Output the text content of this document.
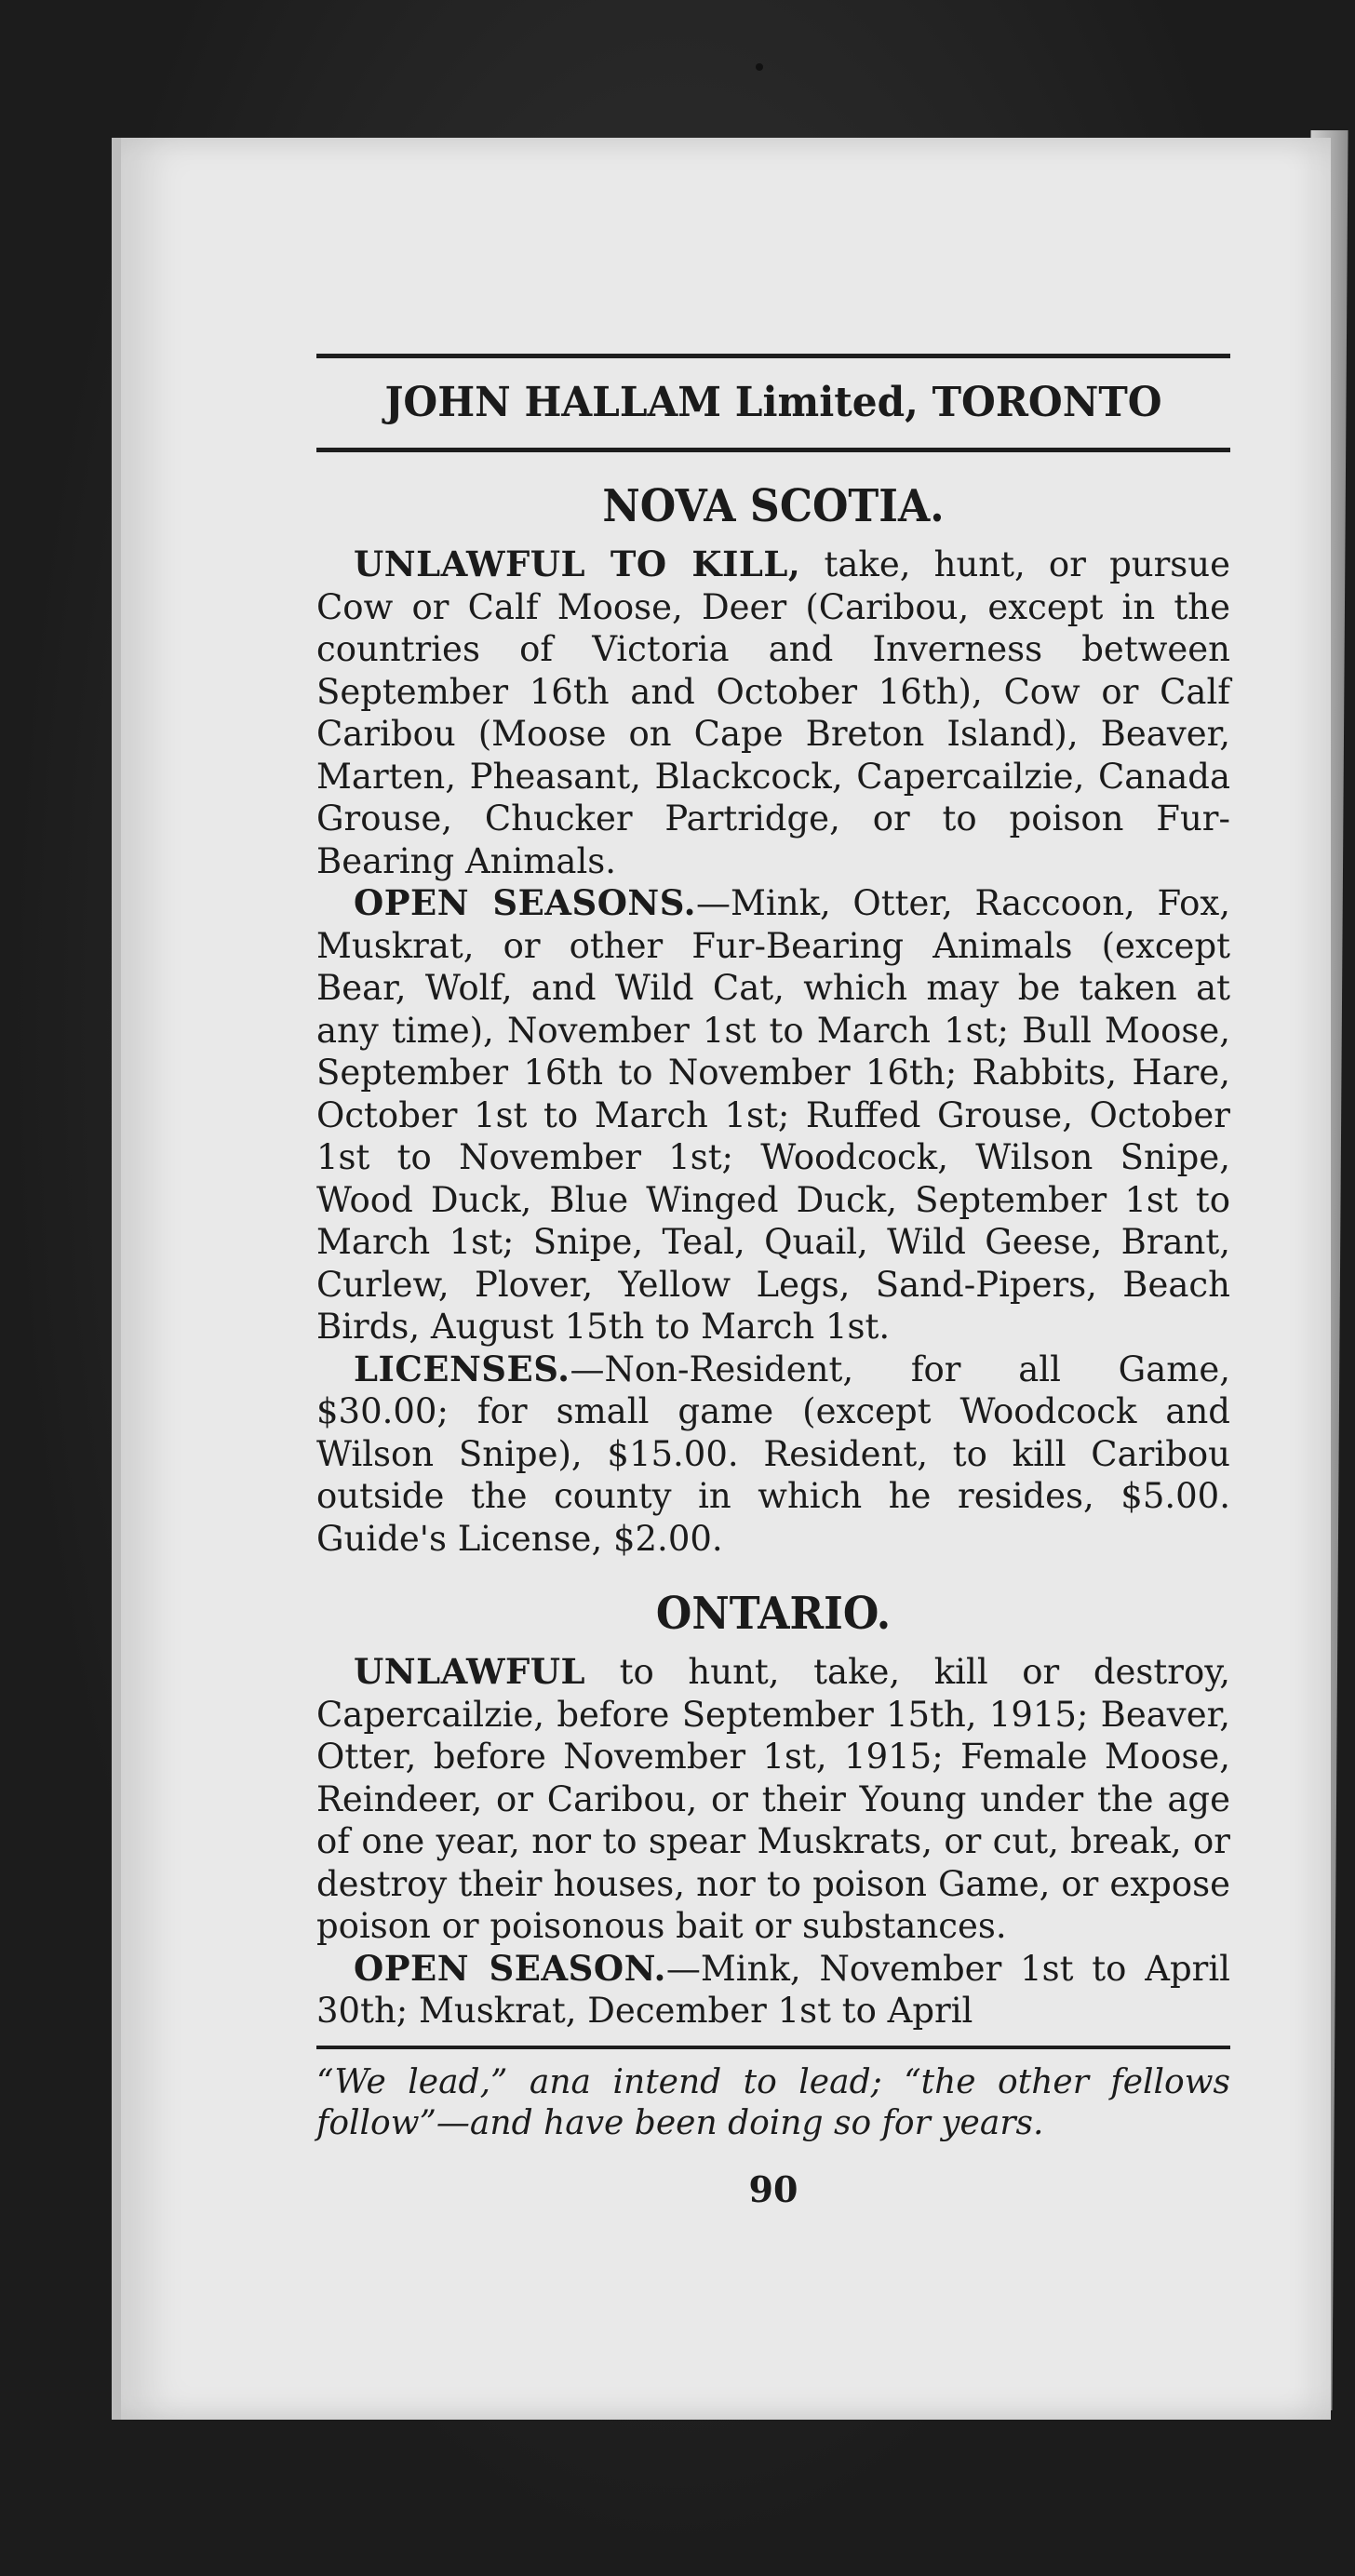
JOHN HALLAM Limited, TORONTO
NOVA SCOTIA.

UNLAWFUL TO KILL, take, hunt, or pursue Cow or Calf Moose, Deer (Caribou, except in the countries of Victoria and Inverness between September 16th and October 16th), Cow or Calf Caribou (Moose on Cape Breton Island), Beaver, Marten, Pheasant, Blackcock, Capercailzie, Canada Grouse, Chucker Partridge, or to poison Fur-Bearing Animals.

OPEN SEASONS.—Mink, Otter, Raccoon, Fox, Muskrat, or other Fur-Bearing Animals (except Bear, Wolf, and Wild Cat, which may be taken at any time), November 1st to March 1st; Bull Moose, September 16th to November 16th; Rabbits, Hare, October 1st to March 1st; Ruffed Grouse, October 1st to November 1st; Woodcock, Wilson Snipe, Wood Duck, Blue Winged Duck, September 1st to March 1st; Snipe, Teal, Quail, Wild Geese, Brant, Curlew, Plover, Yellow Legs, Sand-Pipers, Beach Birds, August 15th to March 1st.

LICENSES.—Non-Resident, for all Game, $30.00; for small game (except Woodcock and Wilson Snipe), $15.00. Resident, to kill Caribou outside the county in which he resides, $5.00. Guide's License, $2.00.

ONTARIO.

UNLAWFUL to hunt, take, kill or destroy, Capercailzie, before September 15th, 1915; Beaver, Otter, before November 1st, 1915; Female Moose, Reindeer, or Caribou, or their Young under the age of one year, nor to spear Muskrats, or cut, break, or destroy their houses, nor to poison Game, or expose poison or poisonous bait or substances.

OPEN SEASON.—Mink, November 1st to April 30th; Muskrat, December 1st to April

“We lead,” ana intend to lead; “the other fellows follow”—and have been doing so for years.
90
